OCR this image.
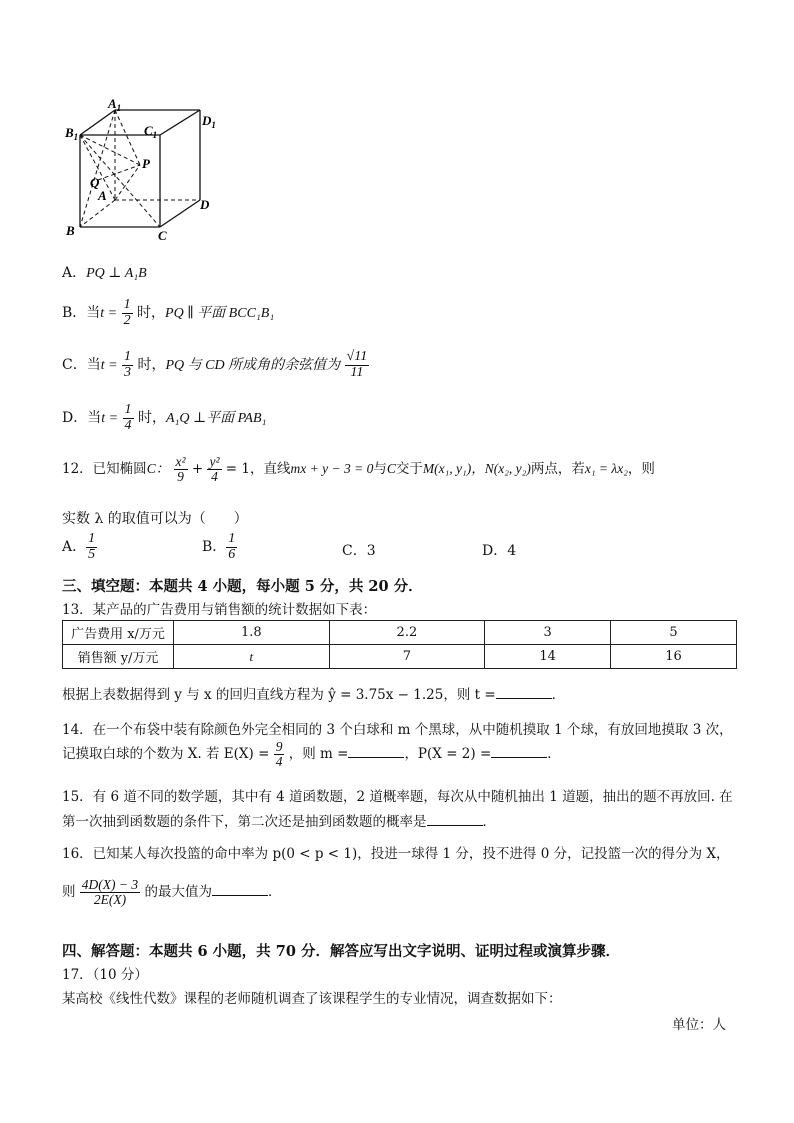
$A_1$
$B_1$	$C_1$
$D_1$
P
Q
A
B	C
D
A．PQ ⊥ A₁B
B．当$t = \frac{1}{2}$ 时，PQ ∥ 平面 BCC₁B₁
C．当$t = \frac{1}{3}$ 时，PQ 与 CD 所成角的余弦值为 $\frac{√11}{11}$
D．当$t = \frac{1}{4}$ 时，A₁Q ⊥平面 PAB₁
12．已知椭圆C： $\frac{\text{x²}}{9} + \frac{\text{y²}}{4} = 1$，直线mx + y − 3 = 0与C交于M(x₁, y₁)，N(x₂, y₂)两点，若x₁ = λx₂，则
实数 λ 的取值可以为（　　）
A． $\frac{1}{5}$	B． $\frac{1}{6}$	C．3	D．4
三、填空题：本题共 4 小题，每小题 5 分，共 20 分．
13．某产品的广告费用与销售额的统计数据如下表：
广告费用 x/万元	1.8	2.2	3	5
销售额 y/万元	t	7	14	16
根据上表数据得到 y 与 x 的回归直线方程为 ŷ = 3.75x − 1.25，则 t =	．
14．在一个布袋中装有除颜色外完全相同的 3 个白球和 m 个黑球，从中随机摸取 1 个球，有放回地摸取 3 次，
记摸取白球的个数为 X. 若 $E(X) = \frac{9}{4}$ ，则 m =	，P(X = 2) =	．
15．有 6 道不同的数学题，其中有 4 道函数题，2 道概率题，每次从中随机抽出 1 道题，抽出的题不再放回. 在
第一次抽到函数题的条件下，第二次还是抽到函数题的概率是	．
16．已知某人每次投篮的命中率为 p(0 < p < 1)，投进一球得 1 分，投不进得 0 分，记投篮一次的得分为 X，
则 $\frac{4D(X) - 3}{2E(X)}$ 的最大值为	．
四、解答题：本题共 6 小题，共 70 分．解答应写出文字说明、证明过程或演算步骤．
17．（10 分）
某高校《线性代数》课程的老师随机调查了该课程学生的专业情况，调查数据如下：
单位：人
